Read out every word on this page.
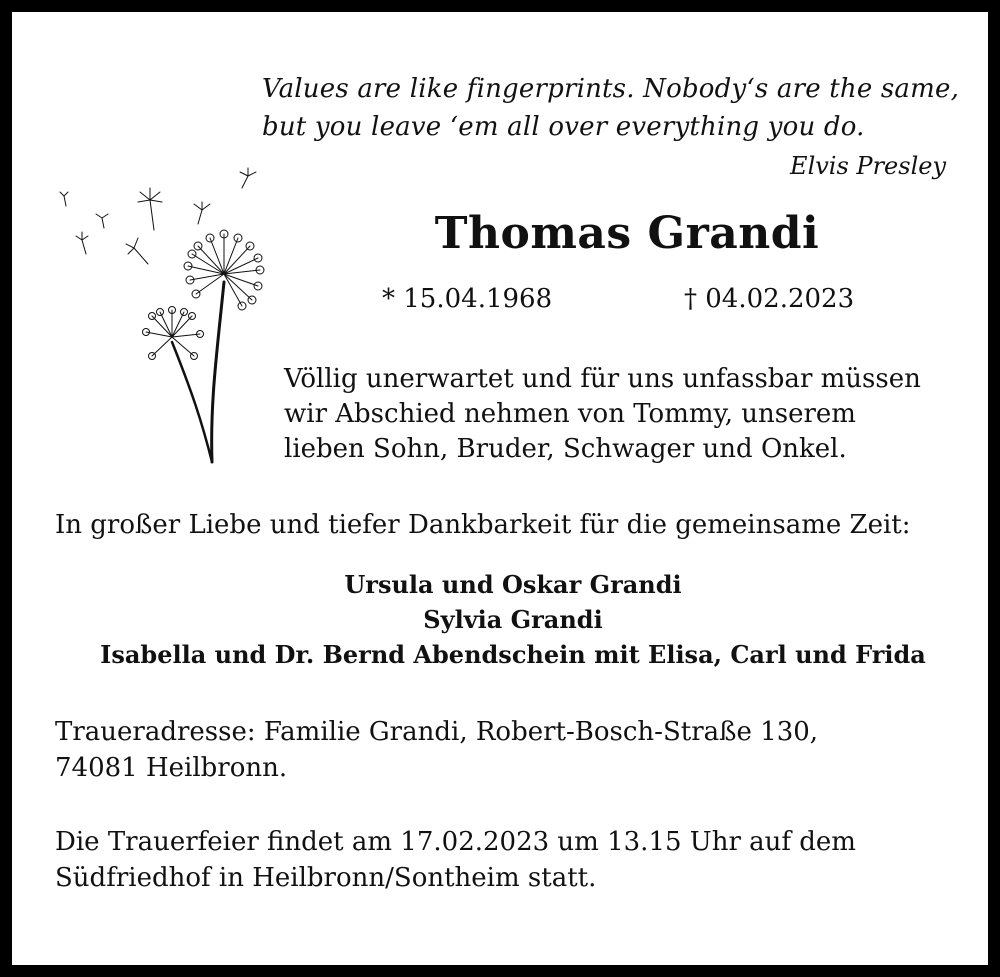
Values are like fingerprints. Nobody‘s are the same,
but you leave ‘em all over everything you do.
Elvis Presley
Thomas Grandi
* 15.04.1968	† 04.02.2023
Völlig unerwartet und für uns unfassbar müssen
wir Abschied nehmen von Tommy, unserem
lieben Sohn, Bruder, Schwager und Onkel.
In großer Liebe und tiefer Dankbarkeit für die gemeinsame Zeit:
Ursula und Oskar Grandi
Sylvia Grandi
Isabella und Dr. Bernd Abendschein mit Elisa, Carl und Frida
Traueradresse: Familie Grandi, Robert-Bosch-Straße 130,
74081 Heilbronn.
Die Trauerfeier findet am 17.02.2023 um 13.15 Uhr auf dem
Südfriedhof in Heilbronn/Sontheim statt.
